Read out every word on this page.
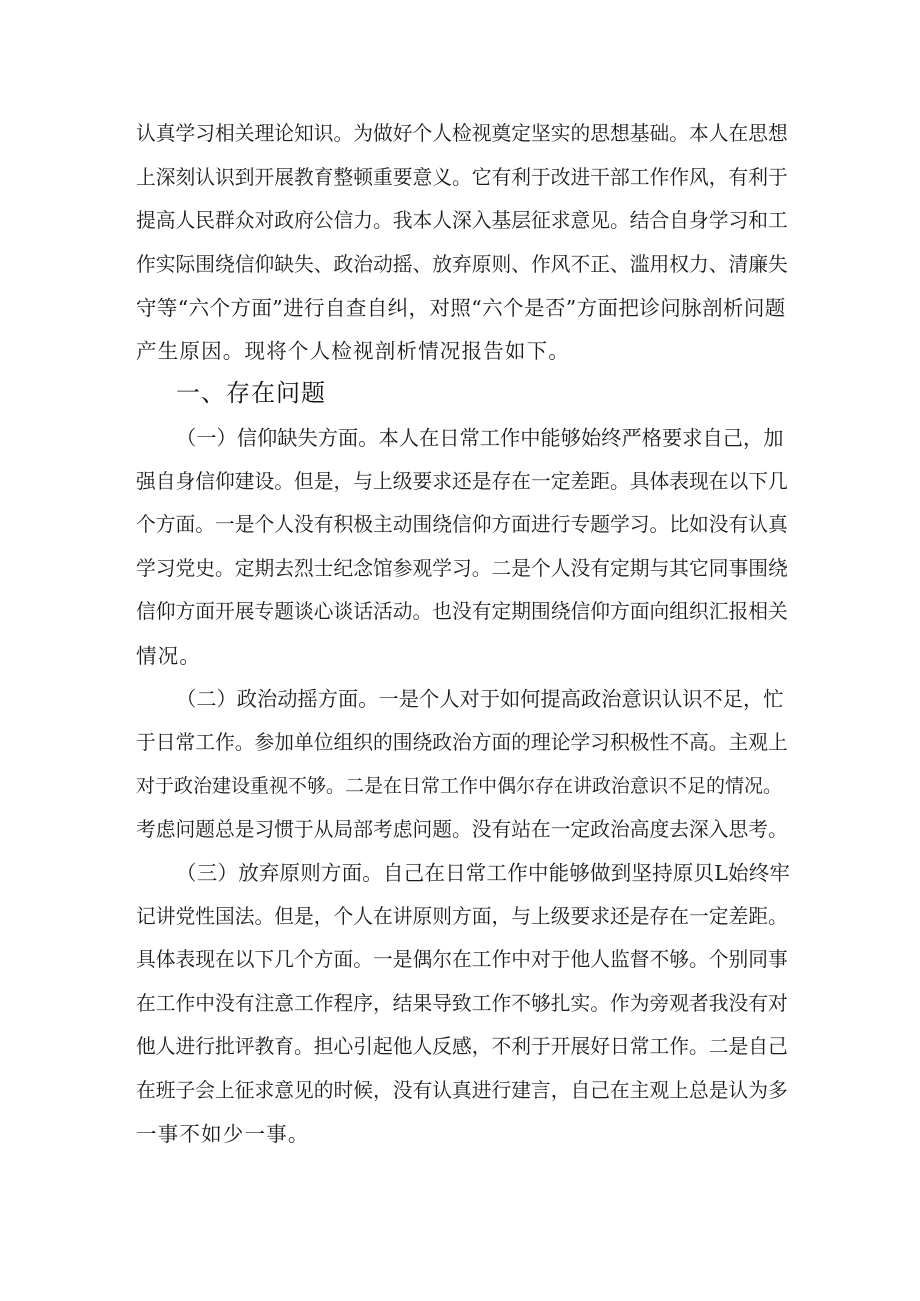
认真学习相关理论知识。为做好个人检视奠定坚实的思想基础。本人在思想
上深刻认识到开展教育整顿重要意义。它有利于改进干部工作作风，有利于
提高人民群众对政府公信力。我本人深入基层征求意见。结合自身学习和工
作实际围绕信仰缺失、政治动摇、放弃原则、作风不正、滥用权力、清廉失
守等“六个方面”进行自查自纠，对照“六个是否”方面把诊问脉剖析问题
产生原因。现将个人检视剖析情况报告如下。
一、存在问题
（一）信仰缺失方面。本人在日常工作中能够始终严格要求自己，加
强自身信仰建设。但是，与上级要求还是存在一定差距。具体表现在以下几
个方面。一是个人没有积极主动围绕信仰方面进行专题学习。比如没有认真
学习党史。定期去烈士纪念馆参观学习。二是个人没有定期与其它同事围绕
信仰方面开展专题谈心谈话活动。也没有定期围绕信仰方面向组织汇报相关
情况。
（二）政治动摇方面。一是个人对于如何提高政治意识认识不足，忙
于日常工作。参加单位组织的围绕政治方面的理论学习积极性不高。主观上
对于政治建设重视不够。二是在日常工作中偶尔存在讲政治意识不足的情况。
考虑问题总是习惯于从局部考虑问题。没有站在一定政治高度去深入思考。
（三）放弃原则方面。自己在日常工作中能够做到坚持原贝L始终牢
记讲党性国法。但是，个人在讲原则方面，与上级要求还是存在一定差距。
具体表现在以下几个方面。一是偶尔在工作中对于他人监督不够。个别同事
在工作中没有注意工作程序，结果导致工作不够扎实。作为旁观者我没有对
他人进行批评教育。担心引起他人反感，不利于开展好日常工作。二是自己
在班子会上征求意见的时候，没有认真进行建言，自己在主观上总是认为多
一事不如少一事。
